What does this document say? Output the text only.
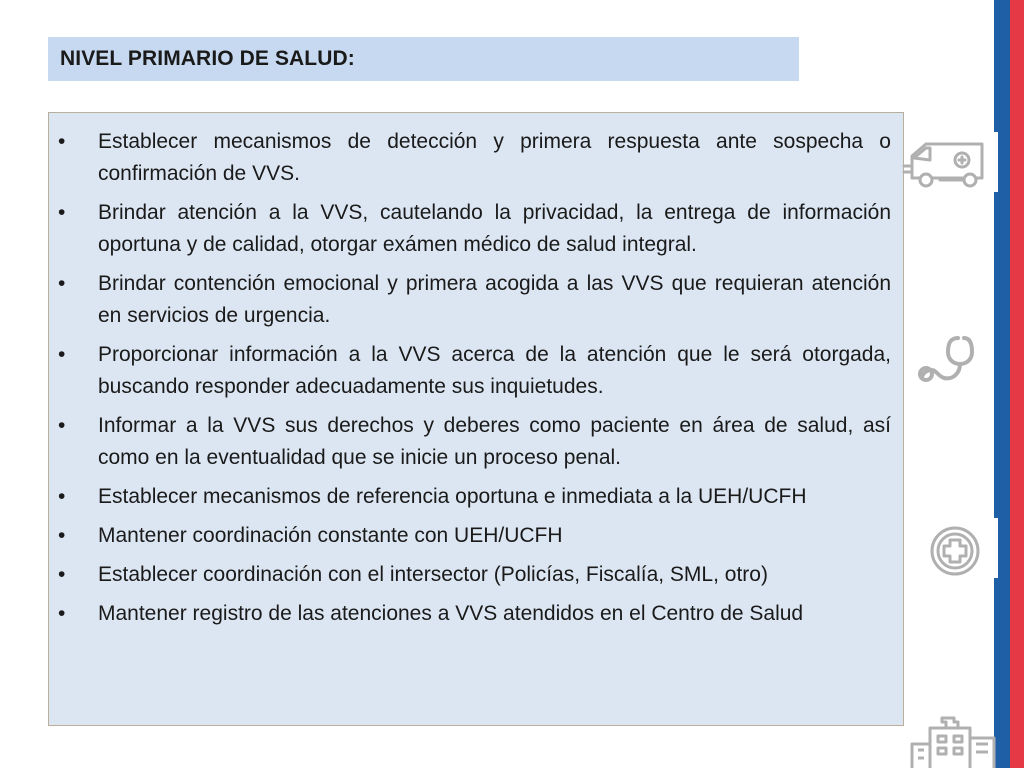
NIVEL PRIMARIO DE SALUD:
• Establecer mecanismos de detección y primera respuesta ante sospecha o confirmación de VVS.
• Brindar atención a la VVS, cautelando la privacidad, la entrega de información oportuna y de calidad, otorgar exámen médico de salud integral.
• Brindar contención emocional y primera acogida a las VVS que requieran atención en servicios de urgencia.
• Proporcionar información a la VVS acerca de la atención que le será otorgada, buscando responder adecuadamente sus inquietudes.
• Informar a la VVS sus derechos y deberes como paciente en área de salud, así como en la eventualidad que se inicie un proceso penal.
• Establecer mecanismos de referencia oportuna e inmediata a la UEH/UCFH
• Mantener coordinación constante con UEH/UCFH
• Establecer coordinación con el intersector (Policías, Fiscalía, SML, otro)
• Mantener registro de las atenciones a VVS atendidos en el Centro de Salud
